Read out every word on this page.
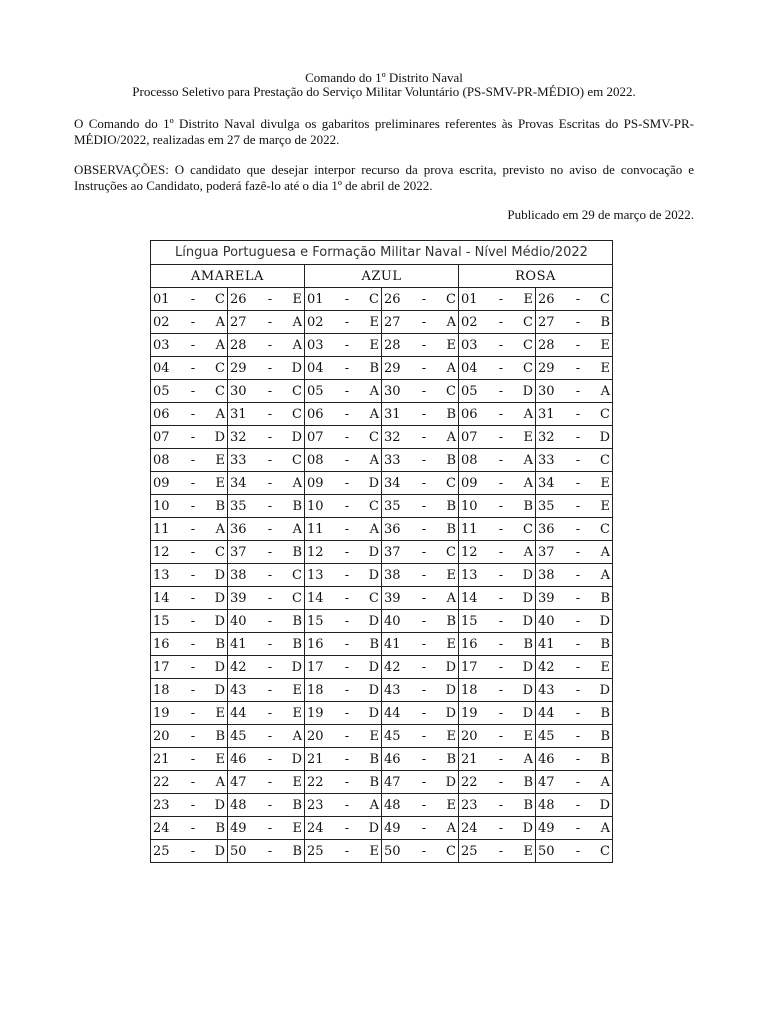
Comando do 1º Distrito Naval
Processo Seletivo para Prestação do Serviço Militar Voluntário (PS-SMV-PR-MÉDIO) em 2022.
O Comando do 1º Distrito Naval divulga os gabaritos preliminares referentes às Provas Escritas do PS-SMV-PR-MÉDIO/2022, realizadas em 27 de março de 2022.
OBSERVAÇÕES: O candidato que desejar interpor recurso da prova escrita, previsto no aviso de convocação e Instruções ao Candidato, poderá fazê-lo até o dia 1º de abril de 2022.
Publicado em 29 de março de 2022.
Língua Portuguesa e Formação Militar Naval - Nível Médio/2022					
AMARELA		AZUL		ROSA	

01 - C	26 - E	01 - C	26 - C	01 - E	26 - C

02 - A	27 - A	02 - E	27 - A	02 - C	27 - B

03 - A	28 - A	03 - E	28 - E	03 - C	28 - E

04 - C	29 - D	04 - B	29 - A	04 - C	29 - E

05 - C	30 - C	05 - A	30 - C	05 - D	30 - A

06 - A	31 - C	06 - A	31 - B	06 - A	31 - C

07 - D	32 - D	07 - C	32 - A	07 - E	32 - D

08 - E	33 - C	08 - A	33 - B	08 - A	33 - C

09 - E	34 - A	09 - D	34 - C	09 - A	34 - E

10 - B	35 - B	10 - C	35 - B	10 - B	35 - E

11 - A	36 - A	11 - A	36 - B	11 - C	36 - C

12 - C	37 - B	12 - D	37 - C	12 - A	37 - A

13 - D	38 - C	13 - D	38 - E	13 - D	38 - A

14 - D	39 - C	14 - C	39 - A	14 - D	39 - B

15 - D	40 - B	15 - D	40 - B	15 - D	40 - D

16 - B	41 - B	16 - B	41 - E	16 - B	41 - B

17 - D	42 - D	17 - D	42 - D	17 - D	42 - E

18 - D	43 - E	18 - D	43 - D	18 - D	43 - D

19 - E	44 - E	19 - D	44 - D	19 - D	44 - B

20 - B	45 - A	20 - E	45 - E	20 - E	45 - B

21 - E	46 - D	21 - B	46 - B	21 - A	46 - B

22 - A	47 - E	22 - B	47 - D	22 - B	47 - A

23 - D	48 - B	23 - A	48 - E	23 - B	48 - D

24 - B	49 - E	24 - D	49 - A	24 - D	49 - A

25 - D	50 - B	25 - E	50 - C	25 - E	50 - C
